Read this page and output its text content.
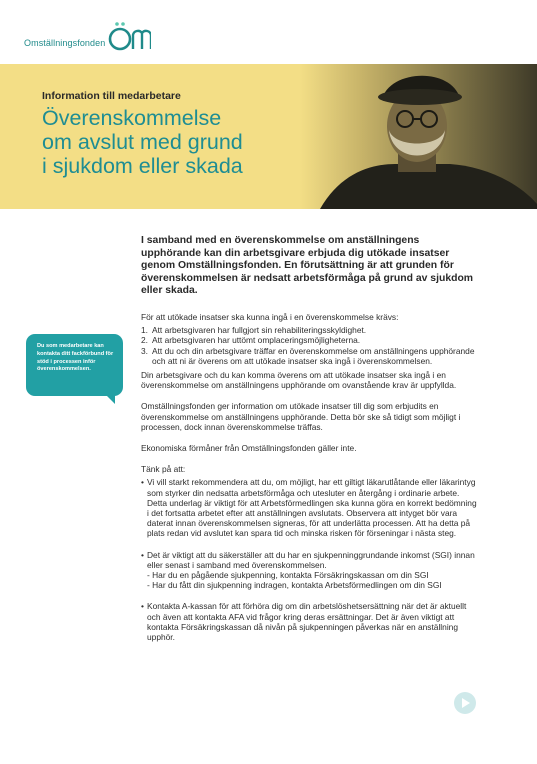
Omställningsfonden
Information till medarbetare
Överenskommelse
om avslut med grund
i sjukdom eller skada
Du som medarbetare kan kontakta ditt fackförbund för stöd i processen inför överenskommelsen.

I samband med en överenskommelse om anställningens upphörande kan din arbetsgivare erbjuda dig utökade insatser genom Omställningsfonden. En förutsättning är att grunden för överenskommelsen är nedsatt arbetsförmåga på grund av sjukdom eller skada.

För att utökade insatser ska kunna ingå i en överenskommelse krävs:

1. Att arbetsgivaren har fullgjort sin rehabiliteringsskyldighet.
2. Att arbetsgivaren har uttömt omplaceringsmöjligheterna.
3. Att du och din arbetsgivare träffar en överenskommelse om anställningens upphörande och att ni är överens om att utökade insatser ska ingå i överenskommelsen.

Din arbetsgivare och du kan komma överens om att utökade insatser ska ingå i en överenskommelse om anställningens upphörande om ovanstående krav är uppfyllda.

Omställningsfonden ger information om utökade insatser till dig som erbjudits en överenskommelse om anställningens upphörande. Detta bör ske så tidigt som möjligt i processen, dock innan överenskommelse träffas.

Ekonomiska förmåner från Omställningsfonden gäller inte.

Tänk på att:

• Vi vill starkt rekommendera att du, om möjligt, har ett giltigt läkarutlåtande eller läkarintyg som styrker din nedsatta arbetsförmåga och utesluter en återgång i ordinarie arbete. Detta underlag är viktigt för att Arbetsförmedlingen ska kunna göra en korrekt bedömning i det fortsatta arbetet efter att anställningen avslutats. Observera att intyget bör vara daterat innan överenskommelsen signeras, för att underlätta processen. Att ha detta på plats redan vid avslutet kan spara tid och minska risken för förseningar i nästa steg.
• Det är viktigt att du säkerställer att du har en sjukpenninggrundande inkomst (SGI) innan eller senast i samband med överenskommelsen.
- Har du en pågående sjukpenning, kontakta Försäkringskassan om din SGI
- Har du fått din sjukpenning indragen, kontakta Arbetsförmedlingen om din SGI
• Kontakta A-kassan för att förhöra dig om din arbetslöshetsersättning när det är aktuellt och även att kontakta AFA vid frågor kring deras ersättningar. Det är även viktigt att kontakta Försäkringskassan då nivån på sjukpenningen påverkas när en anställning upphör.
